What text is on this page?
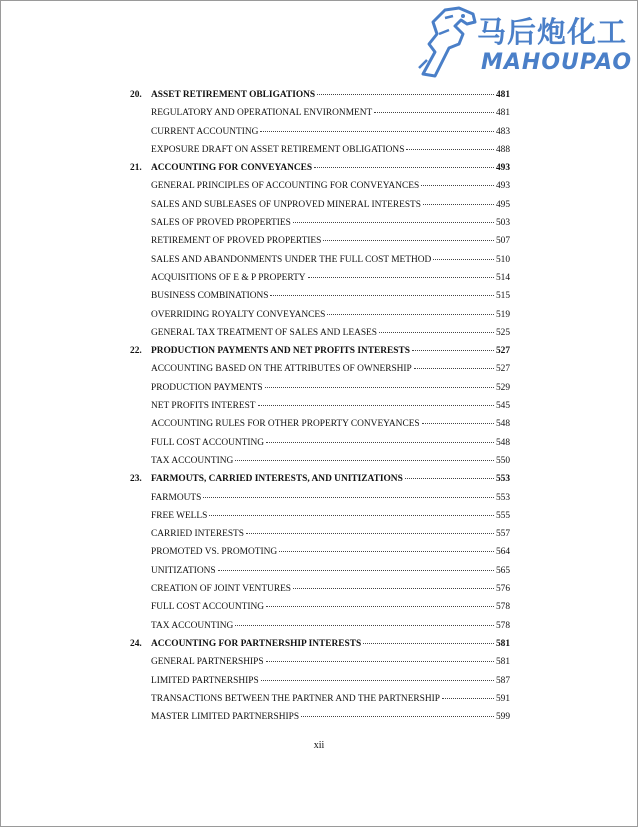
马后炮化工
MAHOUPAO
20. ASSET RETIREMENT OBLIGATIONS	481
REGULATORY AND OPERATIONAL ENVIRONMENT	481
CURRENT ACCOUNTING	483
EXPOSURE DRAFT ON ASSET RETIREMENT OBLIGATIONS	488
21. ACCOUNTING FOR CONVEYANCES	493
GENERAL PRINCIPLES OF ACCOUNTING FOR CONVEYANCES	493
SALES AND SUBLEASES OF UNPROVED MINERAL INTERESTS	495
SALES OF PROVED PROPERTIES	503
RETIREMENT OF PROVED PROPERTIES	507
SALES AND ABANDONMENTS UNDER THE FULL COST METHOD	510
ACQUISITIONS OF E & P PROPERTY	514
BUSINESS COMBINATIONS	515
OVERRIDING ROYALTY CONVEYANCES	519
GENERAL TAX TREATMENT OF SALES AND LEASES	525
22. PRODUCTION PAYMENTS AND NET PROFITS INTERESTS	527
ACCOUNTING BASED ON THE ATTRIBUTES OF OWNERSHIP	527
PRODUCTION PAYMENTS	529
NET PROFITS INTEREST	545
ACCOUNTING RULES FOR OTHER PROPERTY CONVEYANCES	548
FULL COST ACCOUNTING	548
TAX ACCOUNTING	550
23. FARMOUTS, CARRIED INTERESTS, AND UNITIZATIONS	553
FARMOUTS	553
FREE WELLS	555
CARRIED INTERESTS	557
PROMOTED VS. PROMOTING	564
UNITIZATIONS	565
CREATION OF JOINT VENTURES	576
FULL COST ACCOUNTING	578
TAX ACCOUNTING	578
24. ACCOUNTING FOR PARTNERSHIP INTERESTS	581
GENERAL PARTNERSHIPS	581
LIMITED PARTNERSHIPS	587
TRANSACTIONS BETWEEN THE PARTNER AND THE PARTNERSHIP	591
MASTER LIMITED PARTNERSHIPS	599
xii
